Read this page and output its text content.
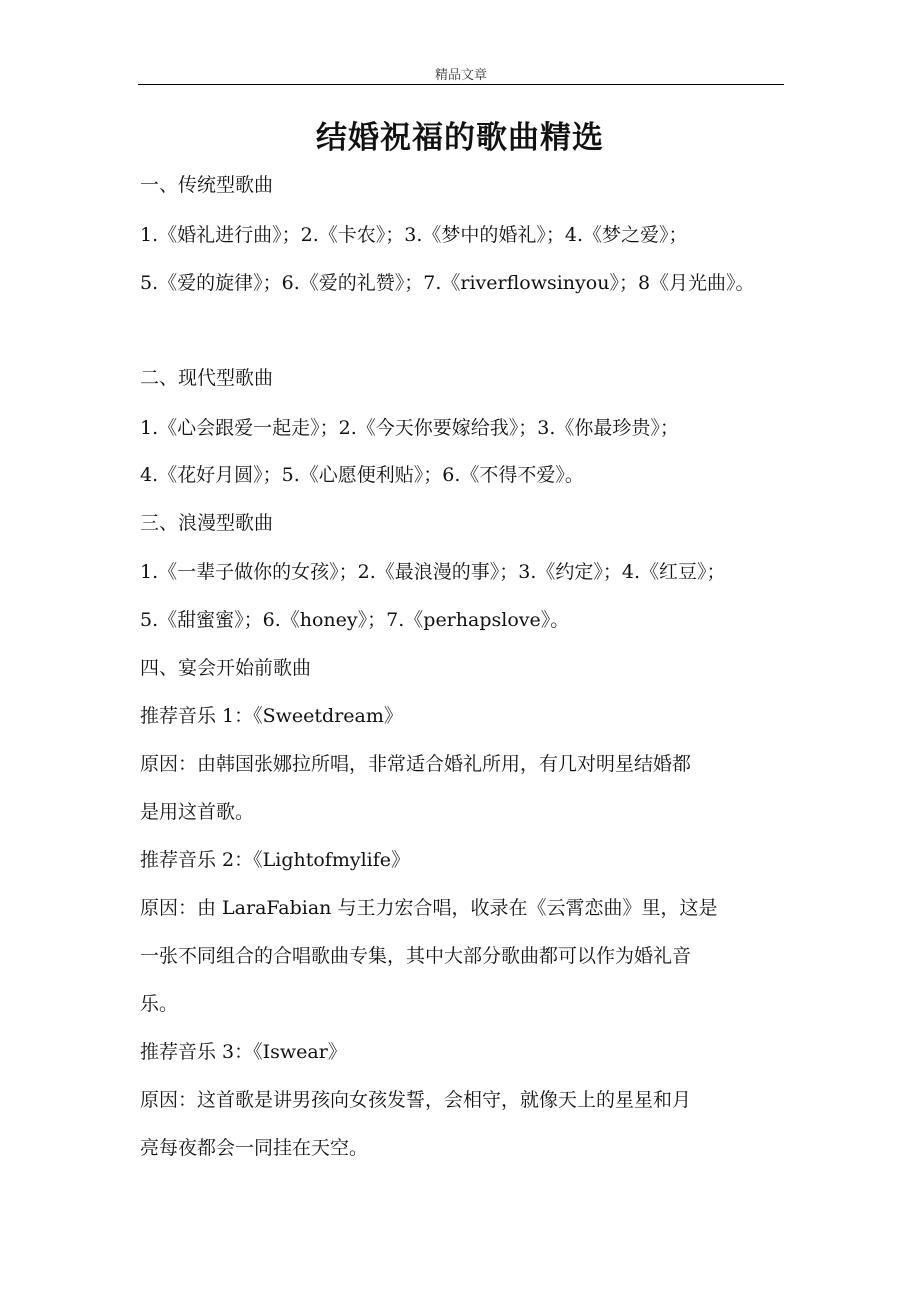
精品文章
结婚祝福的歌曲精选
一、传统型歌曲
1.《婚礼进行曲》；2.《卡农》；3.《梦中的婚礼》；4.《梦之爱》；
5.《爱的旋律》；6.《爱的礼赞》；7.《riverflowsinyou》；8《月光曲》。
二、现代型歌曲
1.《心会跟爱一起走》；2.《今天你要嫁给我》；3.《你最珍贵》；
4.《花好月圆》；5.《心愿便利贴》；6.《不得不爱》。
三、浪漫型歌曲
1.《一辈子做你的女孩》；2.《最浪漫的事》；3.《约定》；4.《红豆》；
5.《甜蜜蜜》；6.《honey》；7.《perhapslove》。
四、宴会开始前歌曲
推荐音乐 1：《Sweetdream》
原因：由韩国张娜拉所唱，非常适合婚礼所用，有几对明星结婚都
是用这首歌。
推荐音乐 2：《Lightofmylife》
原因：由 LaraFabian 与王力宏合唱，收录在《云霄恋曲》里，这是
一张不同组合的合唱歌曲专集，其中大部分歌曲都可以作为婚礼音
乐。
推荐音乐 3：《Iswear》
原因：这首歌是讲男孩向女孩发誓，会相守，就像天上的星星和月
亮每夜都会一同挂在天空。
